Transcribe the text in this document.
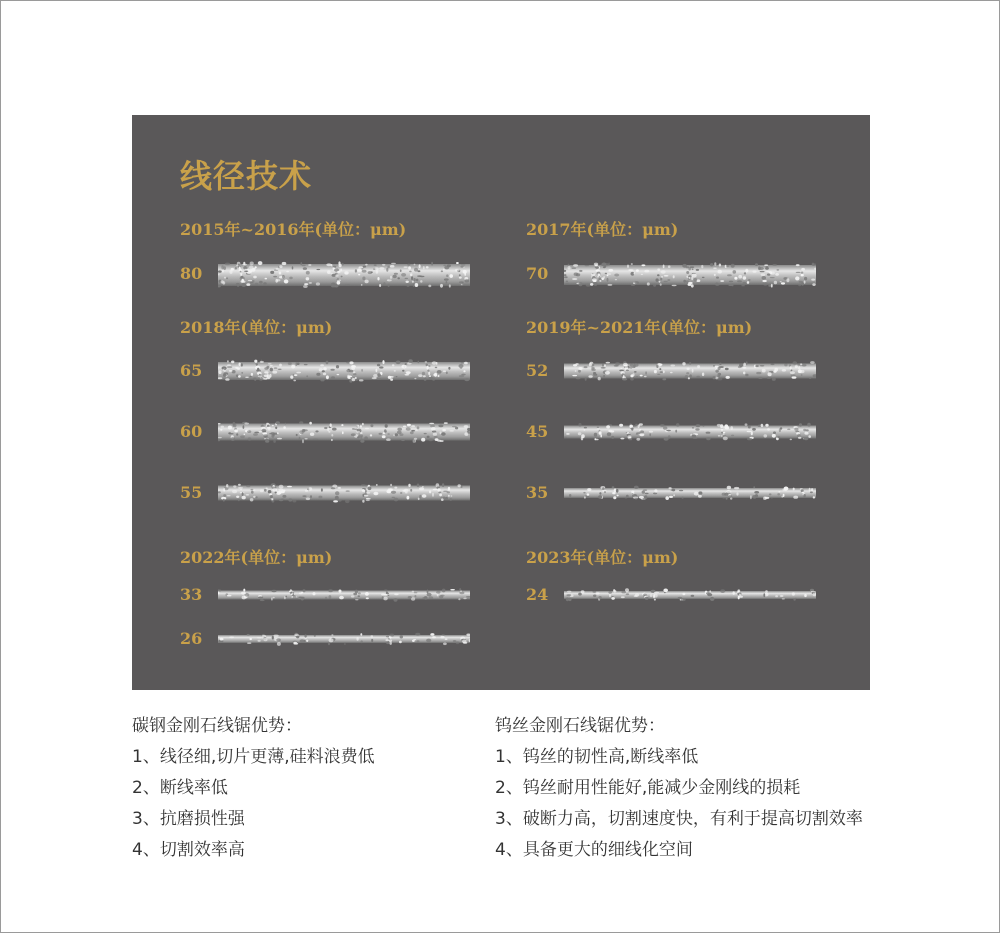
线径技术
2015年~2016年(单位：μm)
80
2017年(单位：μm)
70
2018年(单位：μm)
65
60
55
2019年~2021年(单位：μm)
52
45
35
2022年(单位：μm)
33
26
2023年(单位：μm)
24
碳钢金刚石线锯优势：
1、线径细,切片更薄,硅料浪费低
2、断线率低
3、抗磨损性强
4、切割效率高
钨丝金刚石线锯优势：
1、钨丝的韧性高,断线率低
2、钨丝耐用性能好,能减少金刚线的损耗
3、破断力高，切割速度快，有利于提高切割效率
4、具备更大的细线化空间
